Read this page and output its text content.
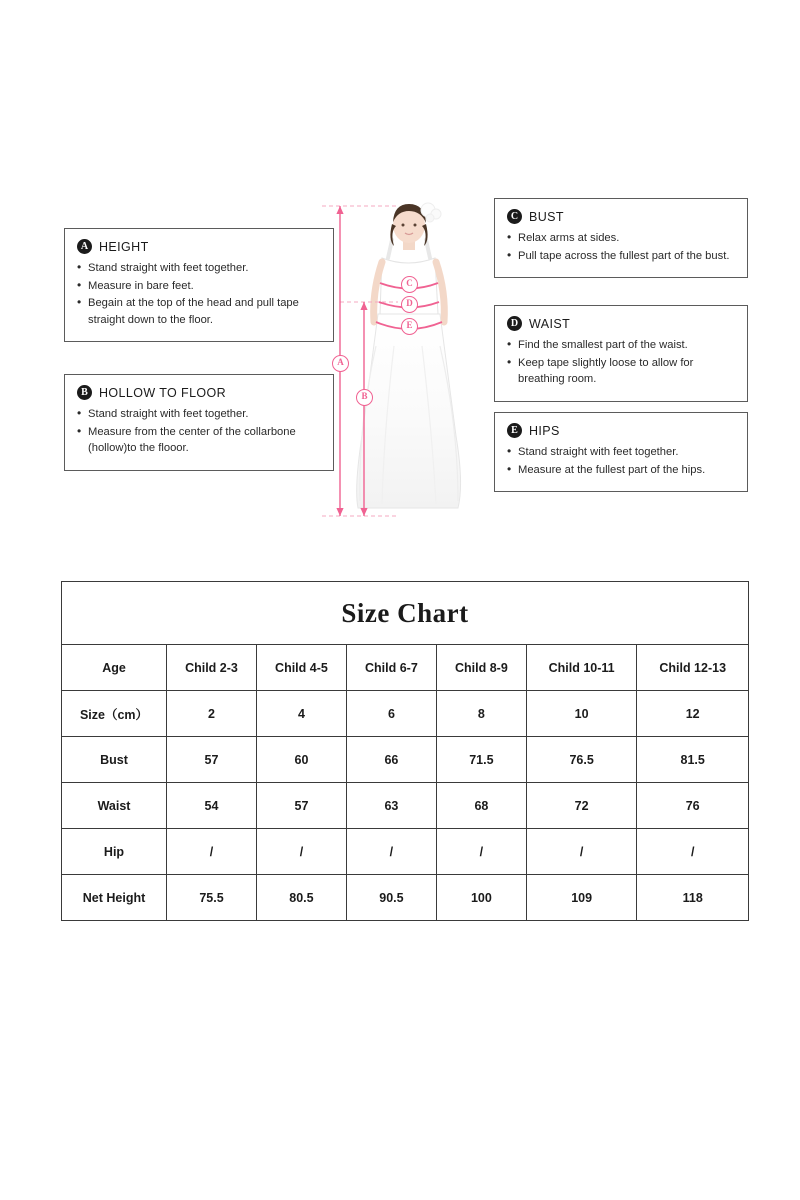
C
D
E
A
B
A HEIGHT
• Stand straight with feet together.
• Measure in bare feet.
• Begain at the top of the head and pull tape straight down to the floor.
B HOLLOW TO FLOOR
• Stand straight with feet together.
• Measure from the center of the collarbone (hollow)to the flooor.
C BUST
• Relax arms at sides.
• Pull tape across the fullest part of the bust.
D WAIST
• Find the smallest part of the waist.
• Keep tape slightly loose to allow for breathing room.
E HIPS
• Stand straight with feet together.
• Measure at the fullest part of the hips.
Size Chart						
Age	Child 2-3	Child 4-5	Child 6-7	Child 8-9	Child 10-11	Child 12-13
Size（cm）	2	4	6	8	10	12
Bust	57	60	66	71.5	76.5	81.5
Waist	54	57	63	68	72	76
Hip	/	/	/	/	/	/
Net Height	75.5	80.5	90.5	100	109	118
